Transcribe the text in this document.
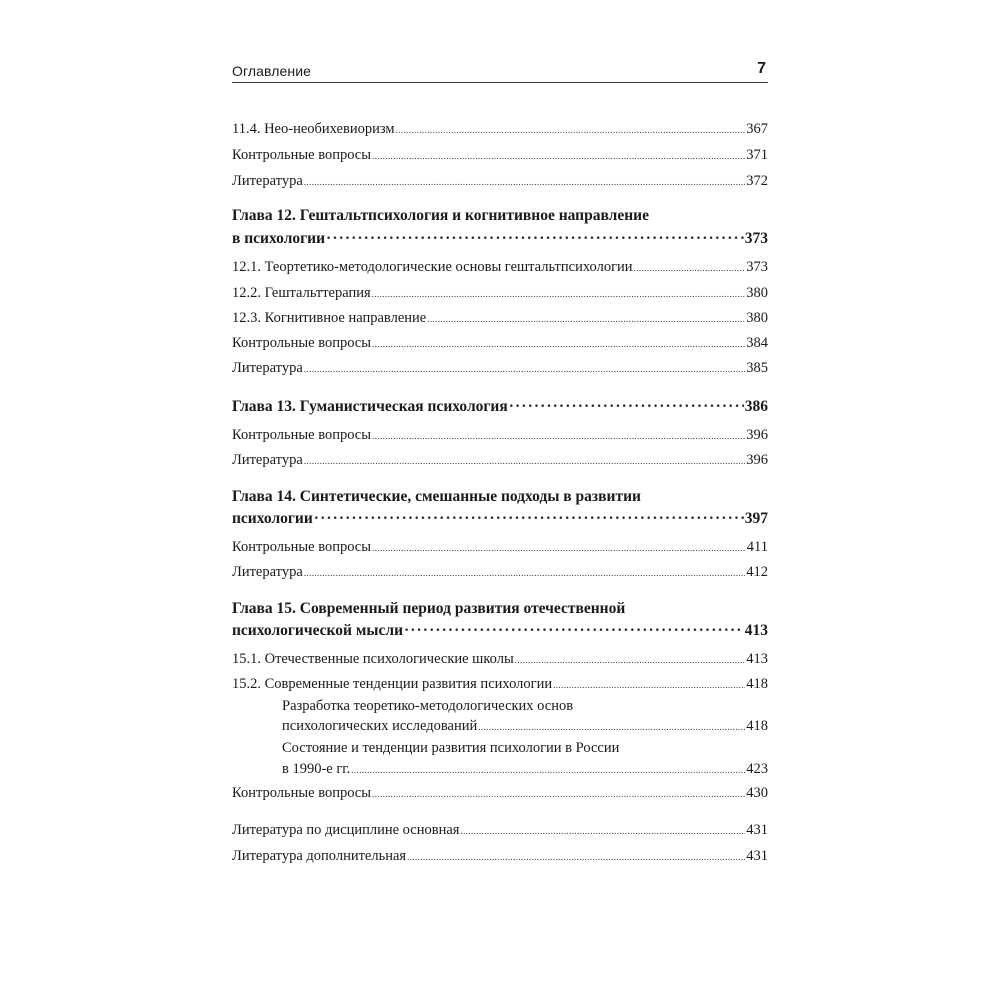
Оглавление	7
11.4. Нео-необихевиоризм .....	367
Контрольные вопросы .....	371
Литература .....	372
Глава 12. Гештальтпсихология и когнитивное направление
в психологии ·····	373
12.1. Теортетико-методологические основы гештальтпсихологии .....	373
12.2. Гештальттерапия .....	380
12.3. Когнитивное направление .....	380
Контрольные вопросы .....	384
Литература .....	385
Глава 13. Гуманистическая психология ·····	386
Контрольные вопросы .....	396
Литература .....	396
Глава 14. Синтетические, смешанные подходы в развитии
психологии ·····	397
Контрольные вопросы .....	411
Литература .....	412
Глава 15. Современный период развития отечественной
психологической мысли ·····	413
15.1. Отечественные психологические школы .....	413
15.2. Современные тенденции развития психологии .....	418
Разработка теоретико-методологических основ
психологических исследований .....	418
Состояние и тенденции развития психологии в России
в 1990-е гг. .....	423
Контрольные вопросы .....	430
Литература по дисциплине основная .....	431
Литература дополнительная .....	431
